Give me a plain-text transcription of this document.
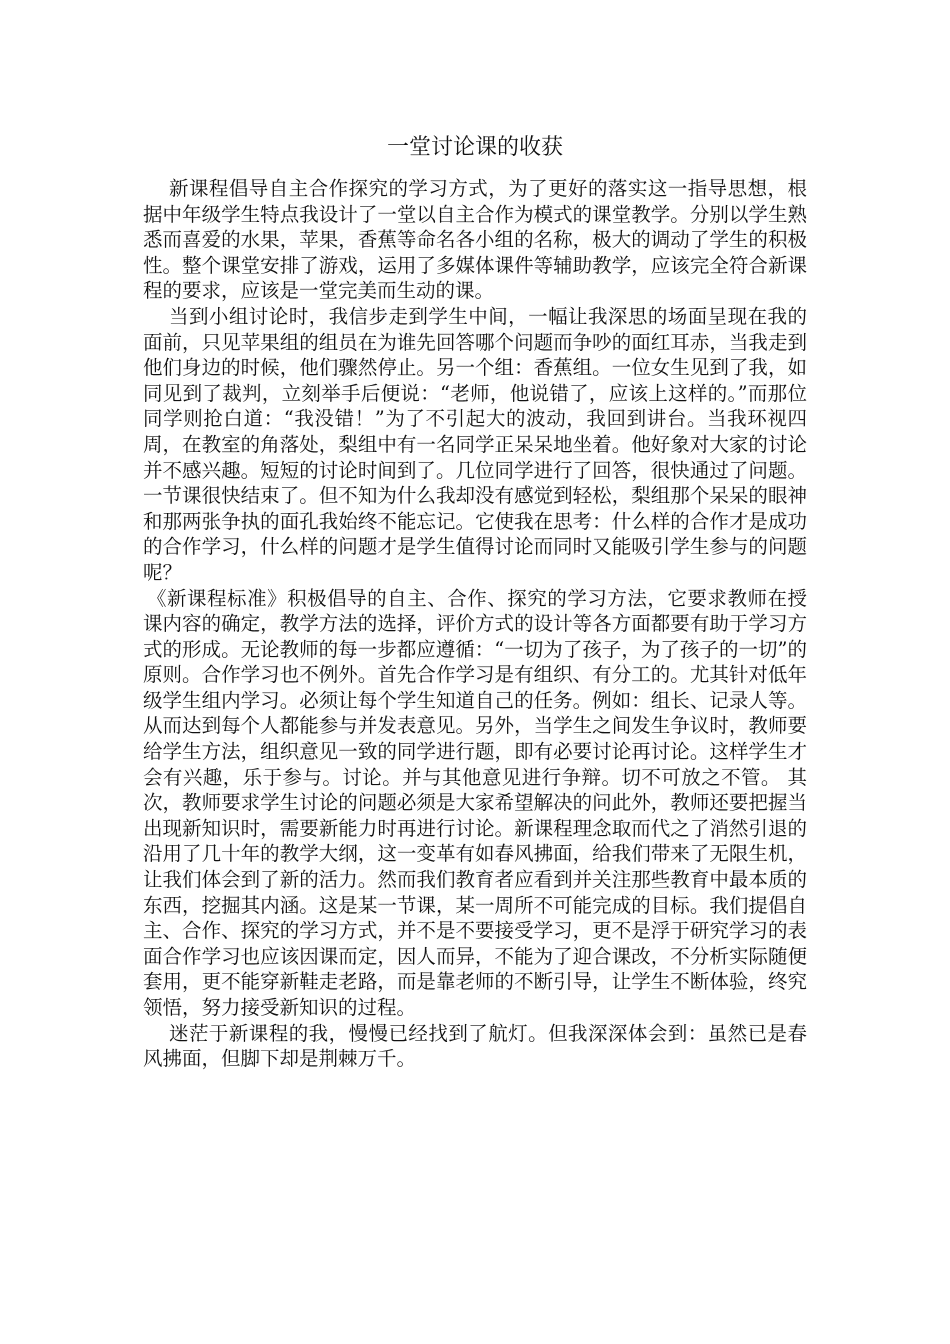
一堂讨论课的收获

新课程倡导自主合作探究的学习方式，为了更好的落实这一指导思想，根据中年级学生特点我设计了一堂以自主合作为模式的课堂教学。分别以学生熟悉而喜爱的水果，苹果，香蕉等命名各小组的名称，极大的调动了学生的积极性。整个课堂安排了游戏，运用了多媒体课件等辅助教学，应该完全符合新课程的要求，应该是一堂完美而生动的课。

当到小组讨论时，我信步走到学生中间，一幅让我深思的场面呈现在我的面前，只见苹果组的组员在为谁先回答哪个问题而争吵的面红耳赤，当我走到他们身边的时候，他们骤然停止。另一个组：香蕉组。一位女生见到了我，如同见到了裁判，立刻举手后便说：“老师，他说错了，应该上这样的。”而那位同学则抢白道：“我没错！”为了不引起大的波动，我回到讲台。当我环视四周，在教室的角落处，梨组中有一名同学正呆呆地坐着。他好象对大家的讨论并不感兴趣。短短的讨论时间到了。几位同学进行了回答，很快通过了问题。一节课很快结束了。但不知为什么我却没有感觉到轻松，梨组那个呆呆的眼神和那两张争执的面孔我始终不能忘记。它使我在思考：什么样的合作才是成功的合作学习，什么样的问题才是学生值得讨论而同时又能吸引学生参与的问题呢？

《新课程标准》积极倡导的自主、合作、探究的学习方法，它要求教师在授课内容的确定，教学方法的选择，评价方式的设计等各方面都要有助于学习方式的形成。无论教师的每一步都应遵循：“一切为了孩子，为了孩子的一切”的原则。合作学习也不例外。首先合作学习是有组织、有分工的。尤其针对低年级学生组内学习。必须让每个学生知道自己的任务。例如：组长、记录人等。从而达到每个人都能参与并发表意见。另外，当学生之间发生争议时，教师要给学生方法，组织意见一致的同学进行题，即有必要讨论再讨论。这样学生才会有兴趣，乐于参与。讨论。并与其他意见进行争辩。切不可放之不管。 其次，教师要求学生讨论的问题必须是大家希望解决的问此外，教师还要把握当出现新知识时，需要新能力时再进行讨论。新课程理念取而代之了消然引退的沿用了几十年的教学大纲，这一变革有如春风拂面，给我们带来了无限生机，让我们体会到了新的活力。然而我们教育者应看到并关注那些教育中最本质的东西，挖掘其内涵。这是某一节课，某一周所不可能完成的目标。我们提倡自主、合作、探究的学习方式，并不是不要接受学习，更不是浮于研究学习的表面合作学习也应该因课而定，因人而异，不能为了迎合课改，不分析实际随便套用，更不能穿新鞋走老路，而是靠老师的不断引导，让学生不断体验，终究领悟，努力接受新知识的过程。

迷茫于新课程的我，慢慢已经找到了航灯。但我深深体会到：虽然已是春风拂面，但脚下却是荆棘万千。
